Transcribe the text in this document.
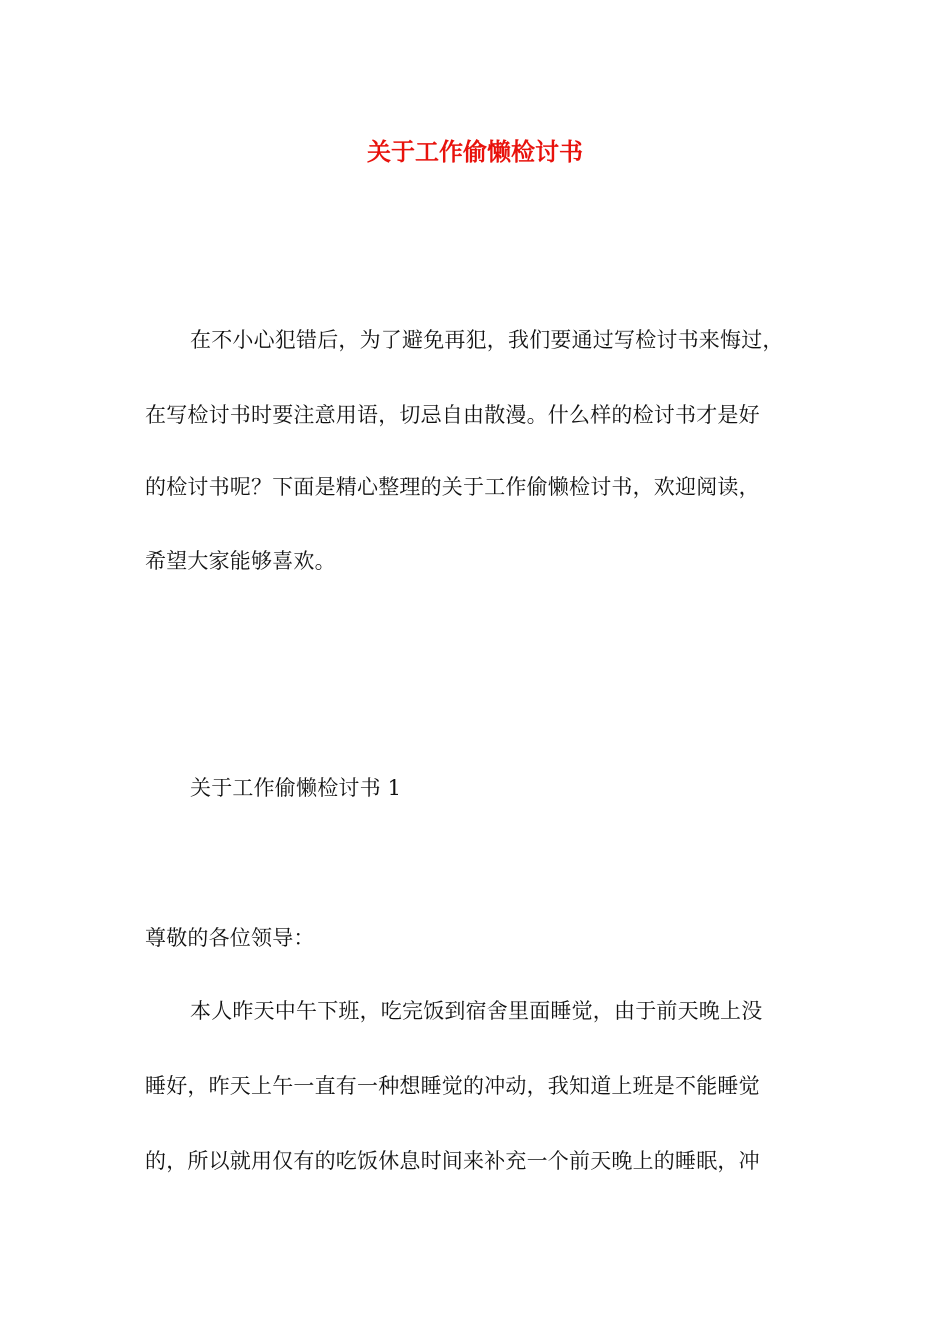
关于工作偷懒检讨书
在不小心犯错后，为了避免再犯，我们要通过写检讨书来悔过，
在写检讨书时要注意用语，切忌自由散漫。什么样的检讨书才是好
的检讨书呢？下面是精心整理的关于工作偷懒检讨书，欢迎阅读，
希望大家能够喜欢。
关于工作偷懒检讨书 1
尊敬的各位领导：
本人昨天中午下班，吃完饭到宿舍里面睡觉，由于前天晚上没
睡好，昨天上午一直有一种想睡觉的冲动，我知道上班是不能睡觉
的，所以就用仅有的吃饭休息时间来补充一个前天晚上的睡眠，冲
